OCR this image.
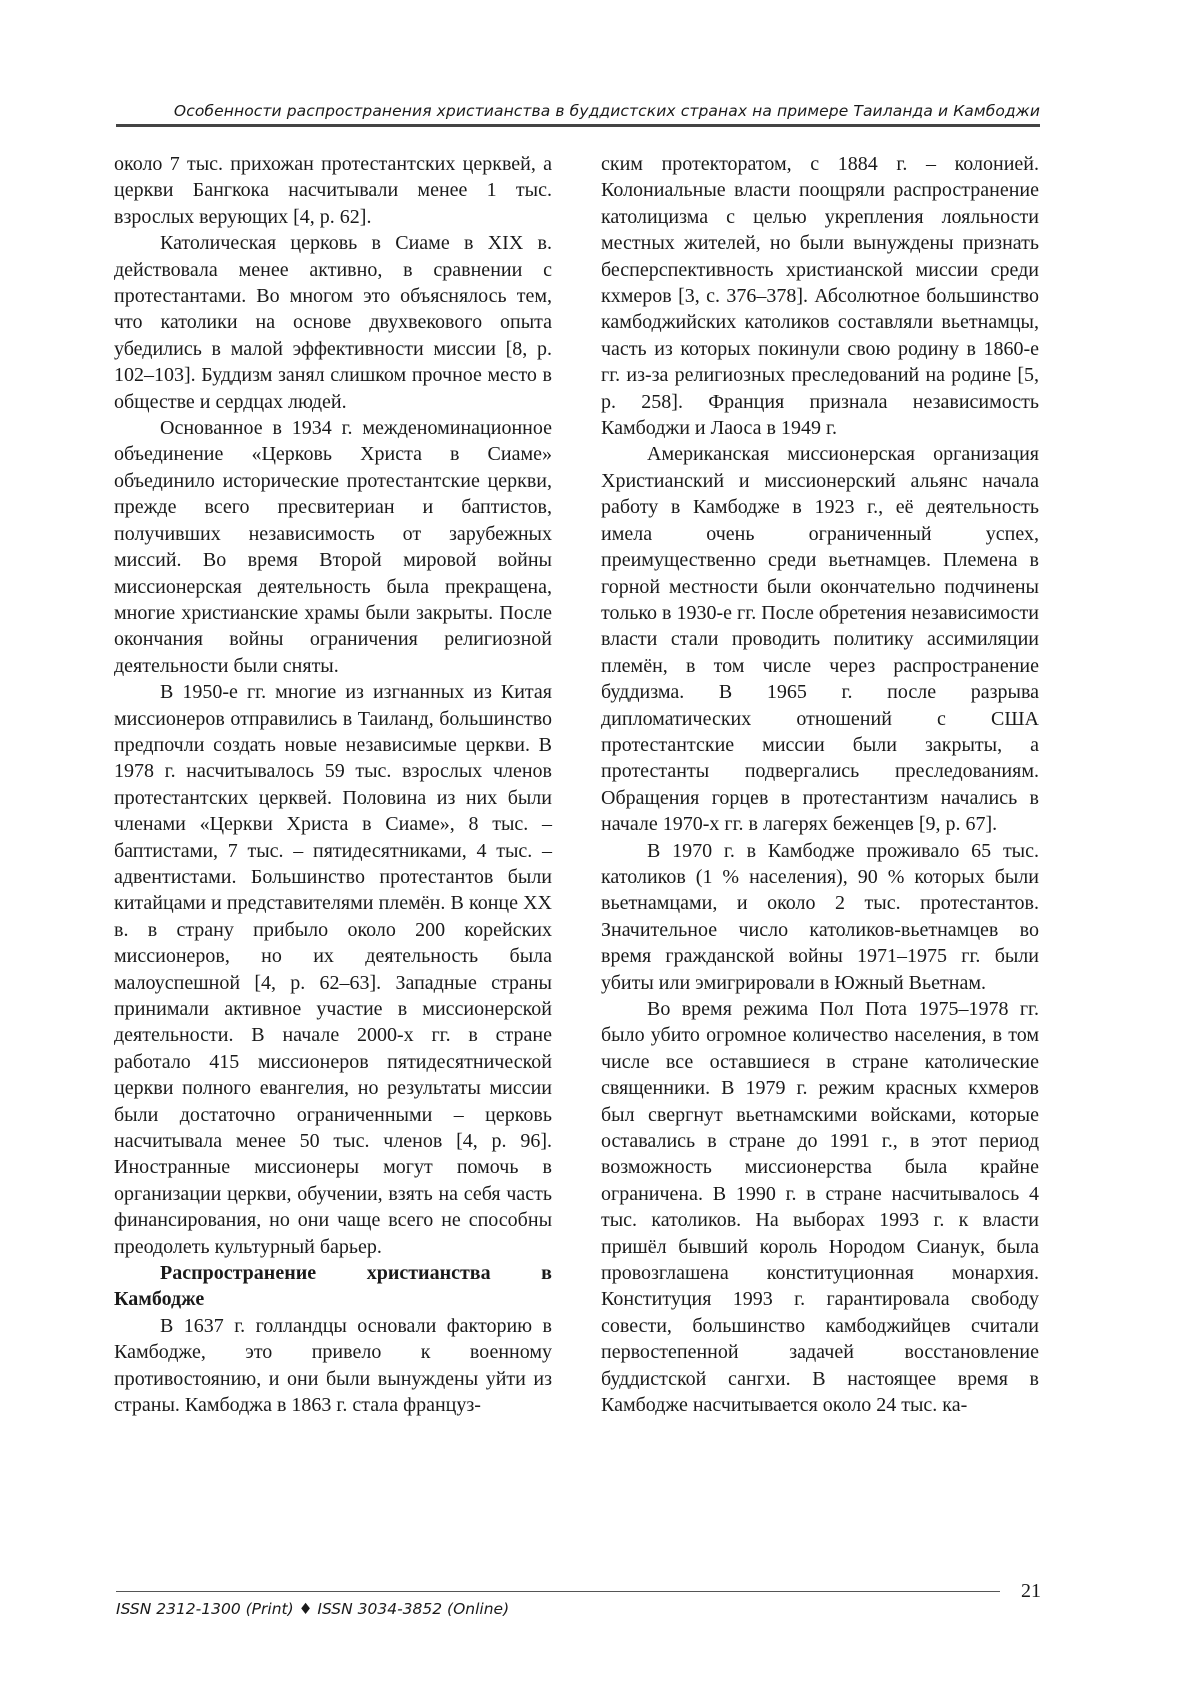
Особенности распространения христианства в буддистских странах на примере Таиланда и Камбоджи

около 7 тыс. прихожан протестантских церквей, а церкви Бангкока насчитывали менее 1 тыс. взрослых верующих [4, p. 62].

Католическая церковь в Сиаме в XIX в. действовала менее активно, в сравнении с протестантами. Во многом это объяснялось тем, что католики на основе двухвекового опыта убедились в малой эффективности миссии [8, p. 102–103]. Буддизм занял слишком прочное место в обществе и сердцах людей.

Основанное в 1934 г. межденоминационное объединение «Церковь Христа в Сиаме» объединило исторические протестантские церкви, прежде всего пресвитериан и баптистов, получивших независимость от зарубежных миссий. Во время Второй мировой войны миссионерская деятельность была прекращена, многие христианские храмы были закрыты. После окончания войны ограничения религиозной деятельности были сняты.

В 1950-е гг. многие из изгнанных из Китая миссионеров отправились в Таиланд, большинство предпочли создать новые независимые церкви. В 1978 г. насчитывалось 59 тыс. взрослых членов протестантских церквей. Половина из них были членами «Церкви Христа в Сиаме», 8 тыс. – баптистами, 7 тыс. – пятидесятниками, 4 тыс. – адвентистами. Большинство протестантов были китайцами и представителями племён. В конце XX в. в страну прибыло около 200 корейских миссионеров, но их деятельность была малоуспешной [4, p. 62–63]. Западные страны принимали активное участие в миссионерской деятельности. В начале 2000-х гг. в стране работало 415 миссионеров пятидесятнической церкви полного евангелия, но результаты миссии были достаточно ограниченными – церковь насчитывала менее 50 тыс. членов [4, p. 96]. Иностранные миссионеры могут помочь в организации церкви, обучении, взять на себя часть финансирования, но они чаще всего не способны преодолеть культурный барьер.

Распространение христианства в Камбодже

В 1637 г. голландцы основали факторию в Камбодже, это привело к военному противостоянию, и они были вынуждены уйти из страны. Камбоджа в 1863 г. стала француз-

ским протекторатом, с 1884 г. – колонией. Колониальные власти поощряли распространение католицизма с целью укрепления лояльности местных жителей, но были вынуждены признать бесперспективность христианской миссии среди кхмеров [3, с. 376–378]. Абсолютное большинство камбоджийских католиков составляли вьетнамцы, часть из которых покинули свою родину в 1860-е гг. из-за религиозных преследований на родине [5, p. 258]. Франция признала независимость Камбоджи и Лаоса в 1949 г.

Американская миссионерская организация Христианский и миссионерский альянс начала работу в Камбодже в 1923 г., её деятельность имела очень ограниченный успех, преимущественно среди вьетнамцев. Племена в горной местности были окончательно подчинены только в 1930-е гг. После обретения независимости власти стали проводить политику ассимиляции племён, в том числе через распространение буддизма. В 1965 г. после разрыва дипломатических отношений с США протестантские миссии были закрыты, а протестанты подвергались преследованиям. Обращения горцев в протестантизм начались в начале 1970-х гг. в лагерях беженцев [9, p. 67].

В 1970 г. в Камбодже проживало 65 тыс. католиков (1 % населения), 90 % которых были вьетнамцами, и около 2 тыс. протестантов. Значительное число католиков-вьетнамцев во время гражданской войны 1971–1975 гг. были убиты или эмигрировали в Южный Вьетнам.

Во время режима Пол Пота 1975–1978 гг. было убито огромное количество населения, в том числе все оставшиеся в стране католические священники. В 1979 г. режим красных кхмеров был свергнут вьетнамскими войсками, которые оставались в стране до 1991 г., в этот период возможность миссионерства была крайне ограничена. В 1990 г. в стране насчитывалось 4 тыс. католиков. На выборах 1993 г. к власти пришёл бывший король Нородом Сианук, была провозглашена конституционная монархия. Конституция 1993 г. гарантировала свободу совести, большинство камбоджийцев считали первостепенной задачей восстановление буддистской сангхи. В настоящее время в Камбодже насчитывается около 24 тыс. ка-

ISSN 2312-1300 (Print) ♦ ISSN 3034-3852 (Online)
21
